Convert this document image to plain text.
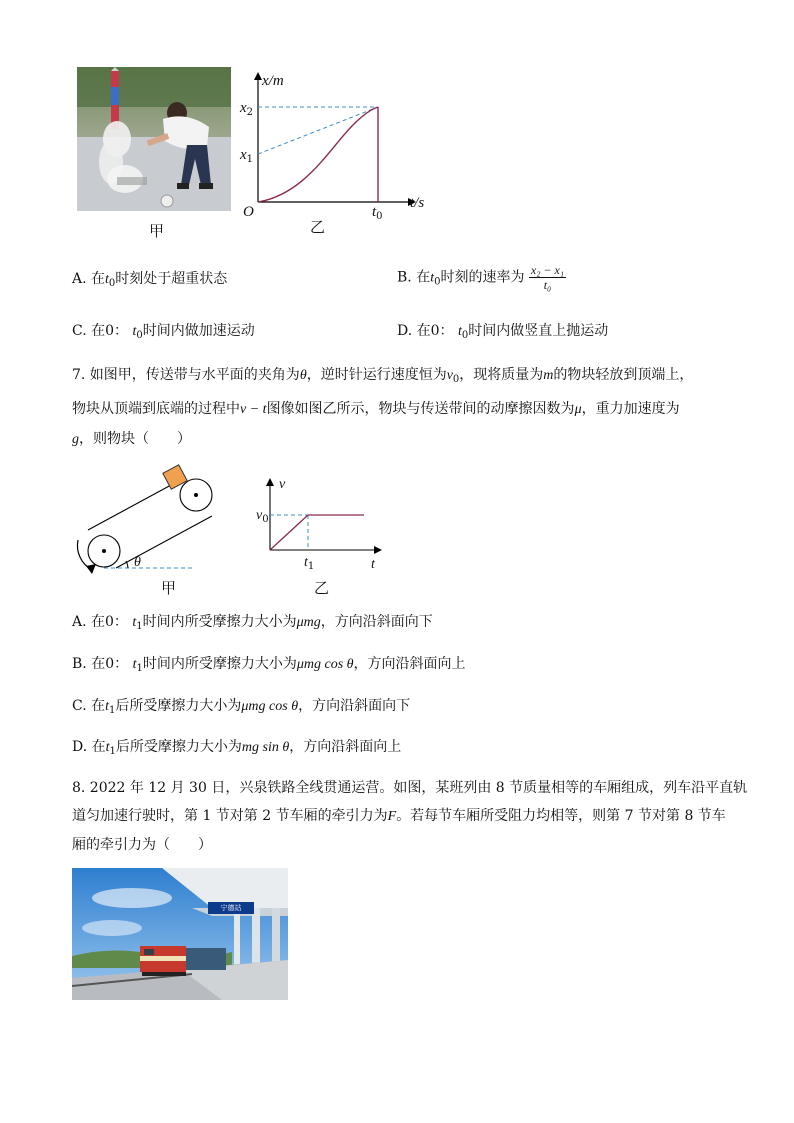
甲
x/m
$x_2$
$x_1$
O	$t_0$
t/s
乙
A. 在$t_0$时刻处于超重状态	B. 在$t_0$时刻的速率为 $\frac{\text{x₂ − x₁}}{\text{t₀}}$
C. 在0： $t_0$时间内做加速运动	D. 在0： $t_0$时间内做竖直上抛运动
7. 如图甲，传送带与水平面的夹角为θ，逆时针运行速度恒为$v_0$，现将质量为m的物块轻放到顶端上，
物块从顶端到底端的过程中v − t图像如图乙所示，物块与传送带间的动摩擦因数为μ，重力加速度为
g，则物块（　　）
θ
甲
v
$v_0$
$t_1$	t
乙
A. 在0： $t_1$时间内所受摩擦力大小为μmg，方向沿斜面向下
B. 在0： $t_1$时间内所受摩擦力大小为μmg cos θ，方向沿斜面向上
C. 在$t_1$后所受摩擦力大小为μmg cos θ，方向沿斜面向下
D. 在$t_1$后所受摩擦力大小为mg sin θ，方向沿斜面向上
8. 2022 年 12 月 30 日，兴泉铁路全线贯通运营。如图，某班列由 8 节质量相等的车厢组成，列车沿平直轨
道匀加速行驶时，第 1 节对第 2 节车厢的牵引力为F。若每节车厢所受阻力均相等，则第 7 节对第 8 节车
厢的牵引力为（　　）
宁德站
